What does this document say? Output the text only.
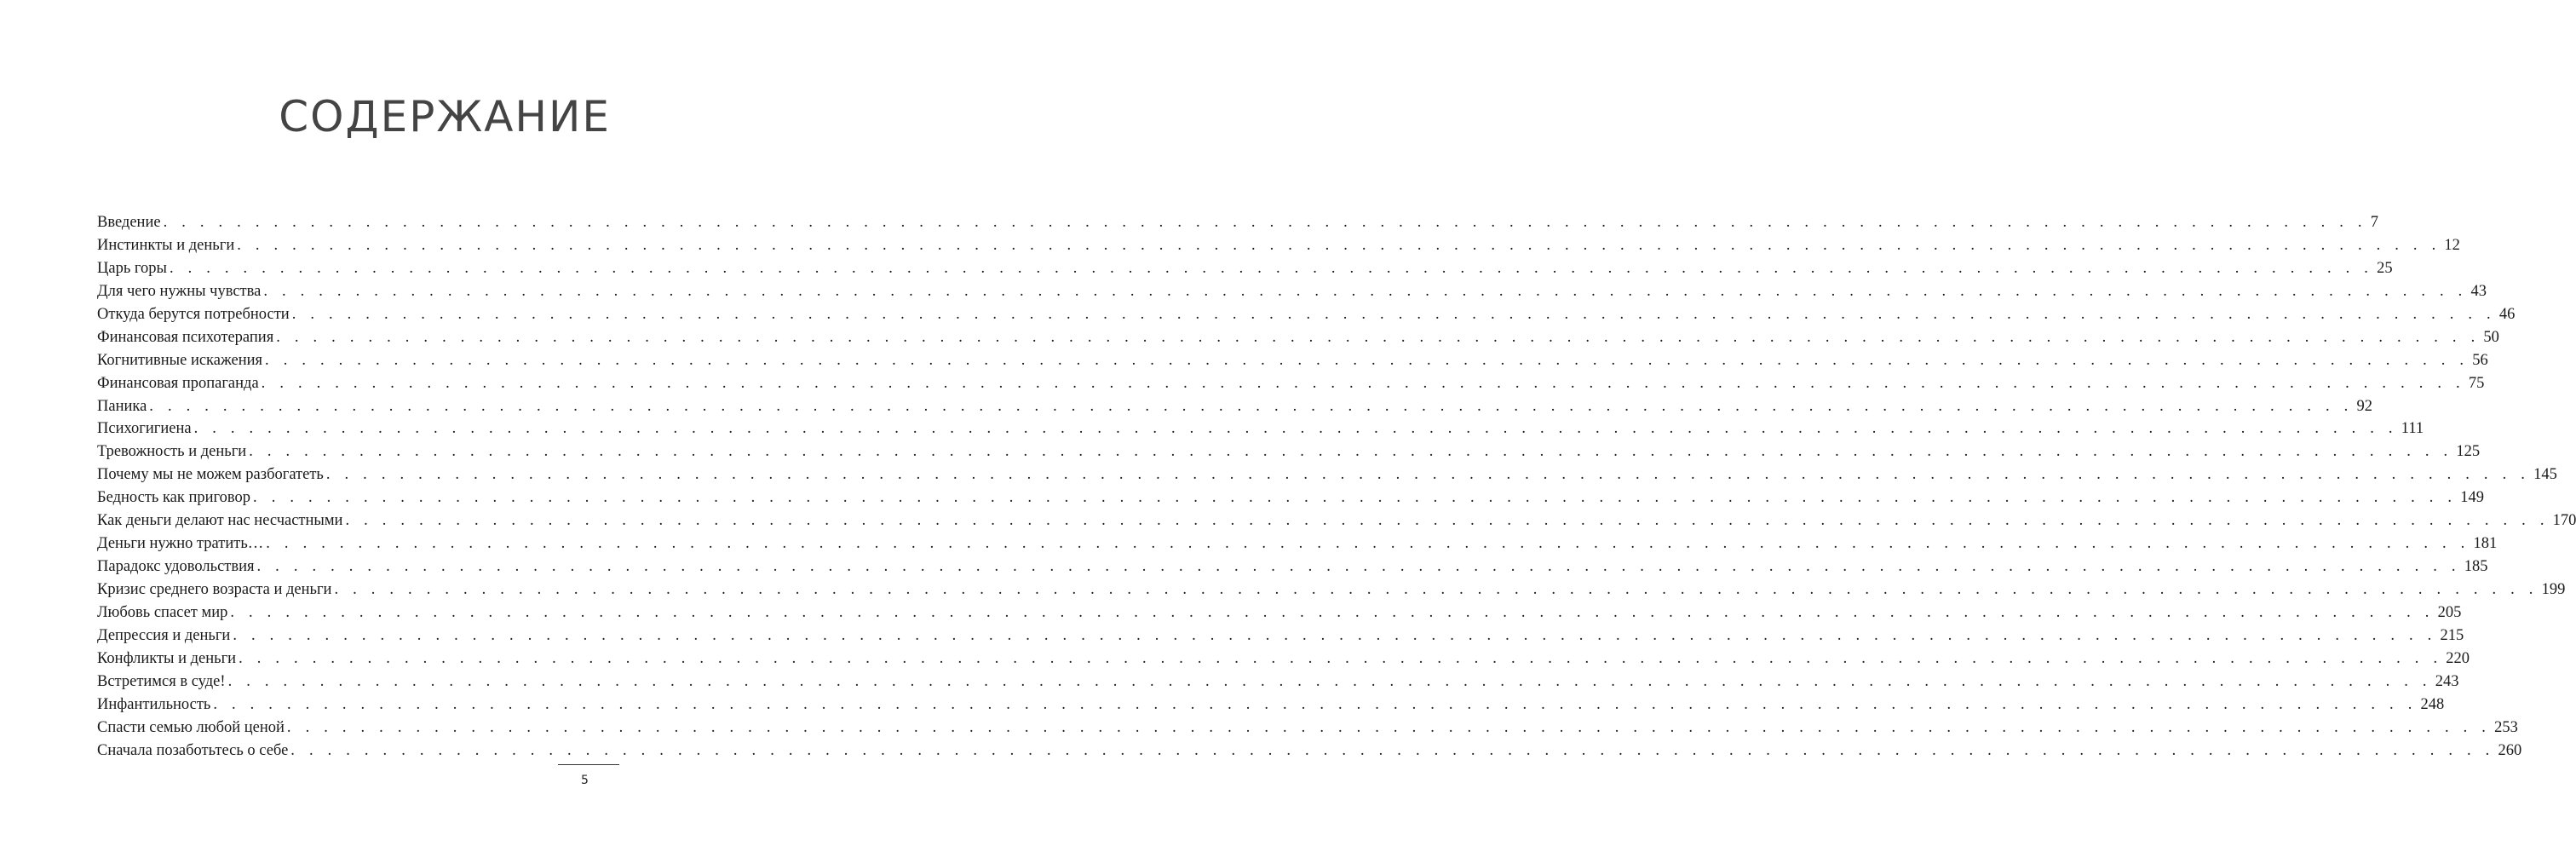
СОДЕРЖАНИЕ
Введение . . . . . . . . . . . . . . . . . . . . . . . . . . . . . . . . . . . . . . . . . . . . . . . . . . . . . . . . . . . . . . . . . . . . . . . . . . . . . . . . . . . . . . . . . . . . . . . . . . . . . . . . . . . . . . . . . . . . . . . . 7
Инстинкты и деньги . . . . . . . . . . . . . . . . . . . . . . . . . . . . . . . . . . . . . . . . . . . . . . . . . . . . . . . . . . . . . . . . . . . . . . . . . . . . . . . . . . . . . . . . . . . . . . . . . . . . . . . . . . . . . . . . . . . . . . . . 12
Царь горы . . . . . . . . . . . . . . . . . . . . . . . . . . . . . . . . . . . . . . . . . . . . . . . . . . . . . . . . . . . . . . . . . . . . . . . . . . . . . . . . . . . . . . . . . . . . . . . . . . . . . . . . . . . . . . . . . . . . . . . . 25
Для чего нужны чувства . . . . . . . . . . . . . . . . . . . . . . . . . . . . . . . . . . . . . . . . . . . . . . . . . . . . . . . . . . . . . . . . . . . . . . . . . . . . . . . . . . . . . . . . . . . . . . . . . . . . . . . . . . . . . . . . . . . . . . . . 43
Откуда берутся потребности . . . . . . . . . . . . . . . . . . . . . . . . . . . . . . . . . . . . . . . . . . . . . . . . . . . . . . . . . . . . . . . . . . . . . . . . . . . . . . . . . . . . . . . . . . . . . . . . . . . . . . . . . . . . . . . . . . . . . . . . 46
Финансовая психотерапия . . . . . . . . . . . . . . . . . . . . . . . . . . . . . . . . . . . . . . . . . . . . . . . . . . . . . . . . . . . . . . . . . . . . . . . . . . . . . . . . . . . . . . . . . . . . . . . . . . . . . . . . . . . . . . . . . . . . . . . . 50
Когнитивные искажения . . . . . . . . . . . . . . . . . . . . . . . . . . . . . . . . . . . . . . . . . . . . . . . . . . . . . . . . . . . . . . . . . . . . . . . . . . . . . . . . . . . . . . . . . . . . . . . . . . . . . . . . . . . . . . . . . . . . . . . . 56
Финансовая пропаганда . . . . . . . . . . . . . . . . . . . . . . . . . . . . . . . . . . . . . . . . . . . . . . . . . . . . . . . . . . . . . . . . . . . . . . . . . . . . . . . . . . . . . . . . . . . . . . . . . . . . . . . . . . . . . . . . . . . . . . . . 75
Паника . . . . . . . . . . . . . . . . . . . . . . . . . . . . . . . . . . . . . . . . . . . . . . . . . . . . . . . . . . . . . . . . . . . . . . . . . . . . . . . . . . . . . . . . . . . . . . . . . . . . . . . . . . . . . . . . . . . . . . . . 92
Психогигиена . . . . . . . . . . . . . . . . . . . . . . . . . . . . . . . . . . . . . . . . . . . . . . . . . . . . . . . . . . . . . . . . . . . . . . . . . . . . . . . . . . . . . . . . . . . . . . . . . . . . . . . . . . . . . . . . . . . . . . . . 111
Тревожность и деньги . . . . . . . . . . . . . . . . . . . . . . . . . . . . . . . . . . . . . . . . . . . . . . . . . . . . . . . . . . . . . . . . . . . . . . . . . . . . . . . . . . . . . . . . . . . . . . . . . . . . . . . . . . . . . . . . . . . . . . . . 125
Почему мы не можем разбогатеть . . . . . . . . . . . . . . . . . . . . . . . . . . . . . . . . . . . . . . . . . . . . . . . . . . . . . . . . . . . . . . . . . . . . . . . . . . . . . . . . . . . . . . . . . . . . . . . . . . . . . . . . . . . . . . . . . . . . . . . . 145
Бедность как приговор . . . . . . . . . . . . . . . . . . . . . . . . . . . . . . . . . . . . . . . . . . . . . . . . . . . . . . . . . . . . . . . . . . . . . . . . . . . . . . . . . . . . . . . . . . . . . . . . . . . . . . . . . . . . . . . . . . . . . . . . 149
Как деньги делают нас несчастными . . . . . . . . . . . . . . . . . . . . . . . . . . . . . . . . . . . . . . . . . . . . . . . . . . . . . . . . . . . . . . . . . . . . . . . . . . . . . . . . . . . . . . . . . . . . . . . . . . . . . . . . . . . . . . . . . . . . . . . . 170
Деньги нужно тратить… . . . . . . . . . . . . . . . . . . . . . . . . . . . . . . . . . . . . . . . . . . . . . . . . . . . . . . . . . . . . . . . . . . . . . . . . . . . . . . . . . . . . . . . . . . . . . . . . . . . . . . . . . . . . . . . . . . . . . . . . 181
Парадокс удовольствия . . . . . . . . . . . . . . . . . . . . . . . . . . . . . . . . . . . . . . . . . . . . . . . . . . . . . . . . . . . . . . . . . . . . . . . . . . . . . . . . . . . . . . . . . . . . . . . . . . . . . . . . . . . . . . . . . . . . . . . . 185
Кризис среднего возраста и деньги . . . . . . . . . . . . . . . . . . . . . . . . . . . . . . . . . . . . . . . . . . . . . . . . . . . . . . . . . . . . . . . . . . . . . . . . . . . . . . . . . . . . . . . . . . . . . . . . . . . . . . . . . . . . . . . . . . . . . . . . 199
Любовь спасет мир . . . . . . . . . . . . . . . . . . . . . . . . . . . . . . . . . . . . . . . . . . . . . . . . . . . . . . . . . . . . . . . . . . . . . . . . . . . . . . . . . . . . . . . . . . . . . . . . . . . . . . . . . . . . . . . . . . . . . . . . 205
Депрессия и деньги . . . . . . . . . . . . . . . . . . . . . . . . . . . . . . . . . . . . . . . . . . . . . . . . . . . . . . . . . . . . . . . . . . . . . . . . . . . . . . . . . . . . . . . . . . . . . . . . . . . . . . . . . . . . . . . . . . . . . . . . 215
Конфликты и деньги . . . . . . . . . . . . . . . . . . . . . . . . . . . . . . . . . . . . . . . . . . . . . . . . . . . . . . . . . . . . . . . . . . . . . . . . . . . . . . . . . . . . . . . . . . . . . . . . . . . . . . . . . . . . . . . . . . . . . . . . 220
Встретимся в суде! . . . . . . . . . . . . . . . . . . . . . . . . . . . . . . . . . . . . . . . . . . . . . . . . . . . . . . . . . . . . . . . . . . . . . . . . . . . . . . . . . . . . . . . . . . . . . . . . . . . . . . . . . . . . . . . . . . . . . . . . 243
Инфантильность . . . . . . . . . . . . . . . . . . . . . . . . . . . . . . . . . . . . . . . . . . . . . . . . . . . . . . . . . . . . . . . . . . . . . . . . . . . . . . . . . . . . . . . . . . . . . . . . . . . . . . . . . . . . . . . . . . . . . . . . 248
Спасти семью любой ценой . . . . . . . . . . . . . . . . . . . . . . . . . . . . . . . . . . . . . . . . . . . . . . . . . . . . . . . . . . . . . . . . . . . . . . . . . . . . . . . . . . . . . . . . . . . . . . . . . . . . . . . . . . . . . . . . . . . . . . . . 253
Сначала позаботьтесь о себе . . . . . . . . . . . . . . . . . . . . . . . . . . . . . . . . . . . . . . . . . . . . . . . . . . . . . . . . . . . . . . . . . . . . . . . . . . . . . . . . . . . . . . . . . . . . . . . . . . . . . . . . . . . . . . . . . . . . . . . . 260
5
